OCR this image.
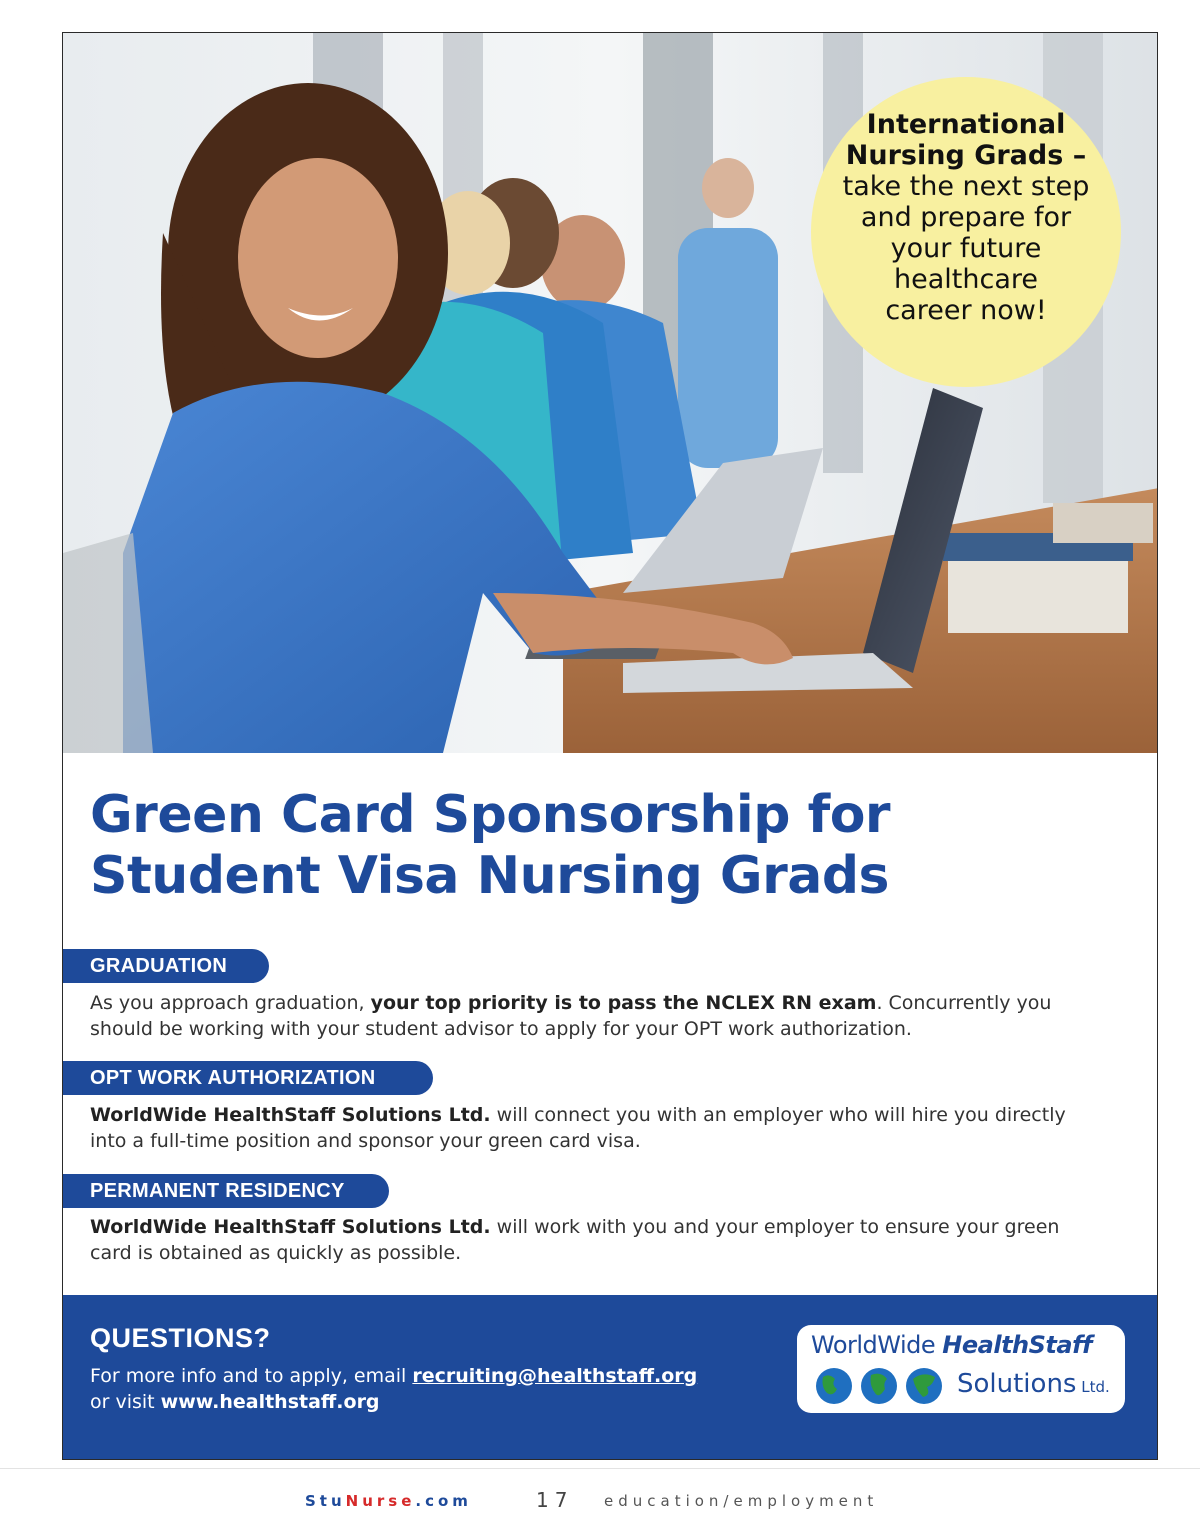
International
Nursing Grads –
take the next step
and prepare for
your future
healthcare
career now!
Green Card Sponsorship for
Student Visa Nursing Grads
GRADUATION

As you approach graduation, your top priority is to pass the NCLEX RN exam. Concurrently you should be working with your student advisor to apply for your OPT work authorization.

OPT WORK AUTHORIZATION

WorldWide HealthStaff Solutions Ltd. will connect you with an employer who will hire you directly into a full-time position and sponsor your green card visa.

PERMANENT RESIDENCY

WorldWide HealthStaff Solutions Ltd. will work with you and your employer to ensure your green card is obtained as quickly as possible.

QUESTIONS?
For more info and to apply, email recruiting@healthstaff.org
or visit www.healthstaff.org
WorldWide HealthStaff
Solutions Ltd.
StuNurse.com	17 education/employment
